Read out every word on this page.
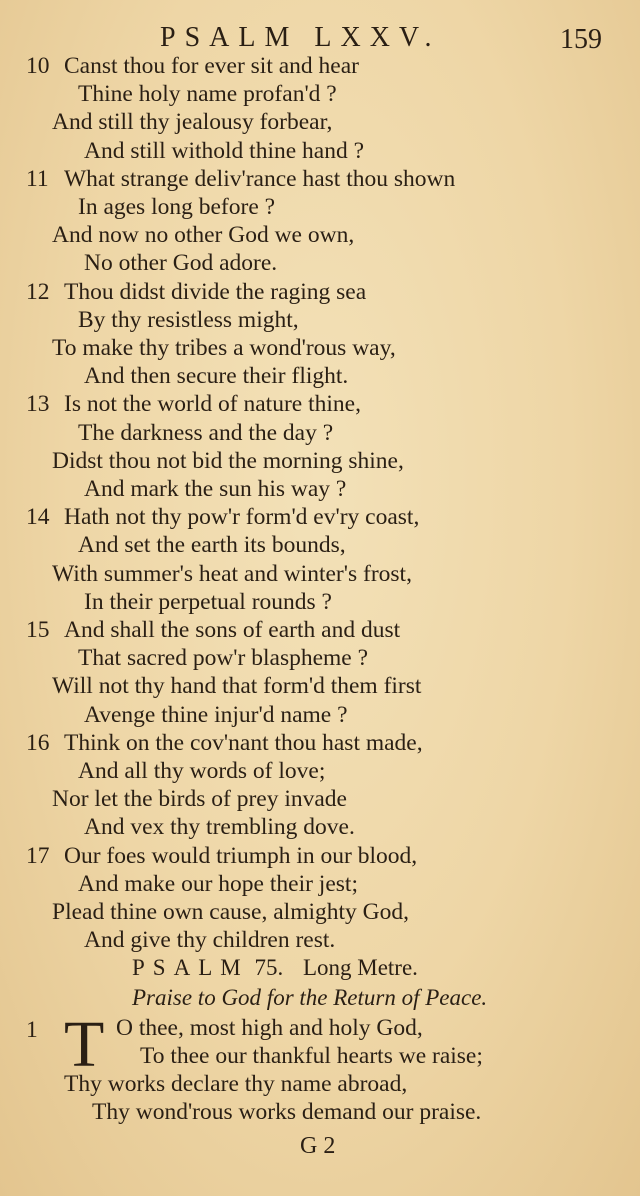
PSALM LXXV.	159
10 Canst thou for ever sit and hear
Thine holy name profan'd ?
And still thy jealousy forbear,
And still withold thine hand ?
11 What strange deliv'rance hast thou shown
In ages long before ?
And now no other God we own,
No other God adore.
12 Thou didst divide the raging sea
By thy resistless might,
To make thy tribes a wond'rous way,
And then secure their flight.
13 Is not the world of nature thine,
The darkness and the day ?
Didst thou not bid the morning shine,
And mark the sun his way ?
14 Hath not thy pow'r form'd ev'ry coast,
And set the earth its bounds,
With summer's heat and winter's frost,
In their perpetual rounds ?
15 And shall the sons of earth and dust
That sacred pow'r blaspheme ?
Will not thy hand that form'd them first
Avenge thine injur'd name ?
16 Think on the cov'nant thou hast made,
And all thy words of love;
Nor let the birds of prey invade
And vex thy trembling dove.
17 Our foes would triumph in our blood,
And make our hope their jest;
Plead thine own cause, almighty God,
And give thy children rest.
PSALM 75. Long Metre.
Praise to God for the Return of Peace.
1 T O thee, most high and holy God,
To thee our thankful hearts we raise;
Thy works declare thy name abroad,
Thy wond'rous works demand our praise.
G 2
